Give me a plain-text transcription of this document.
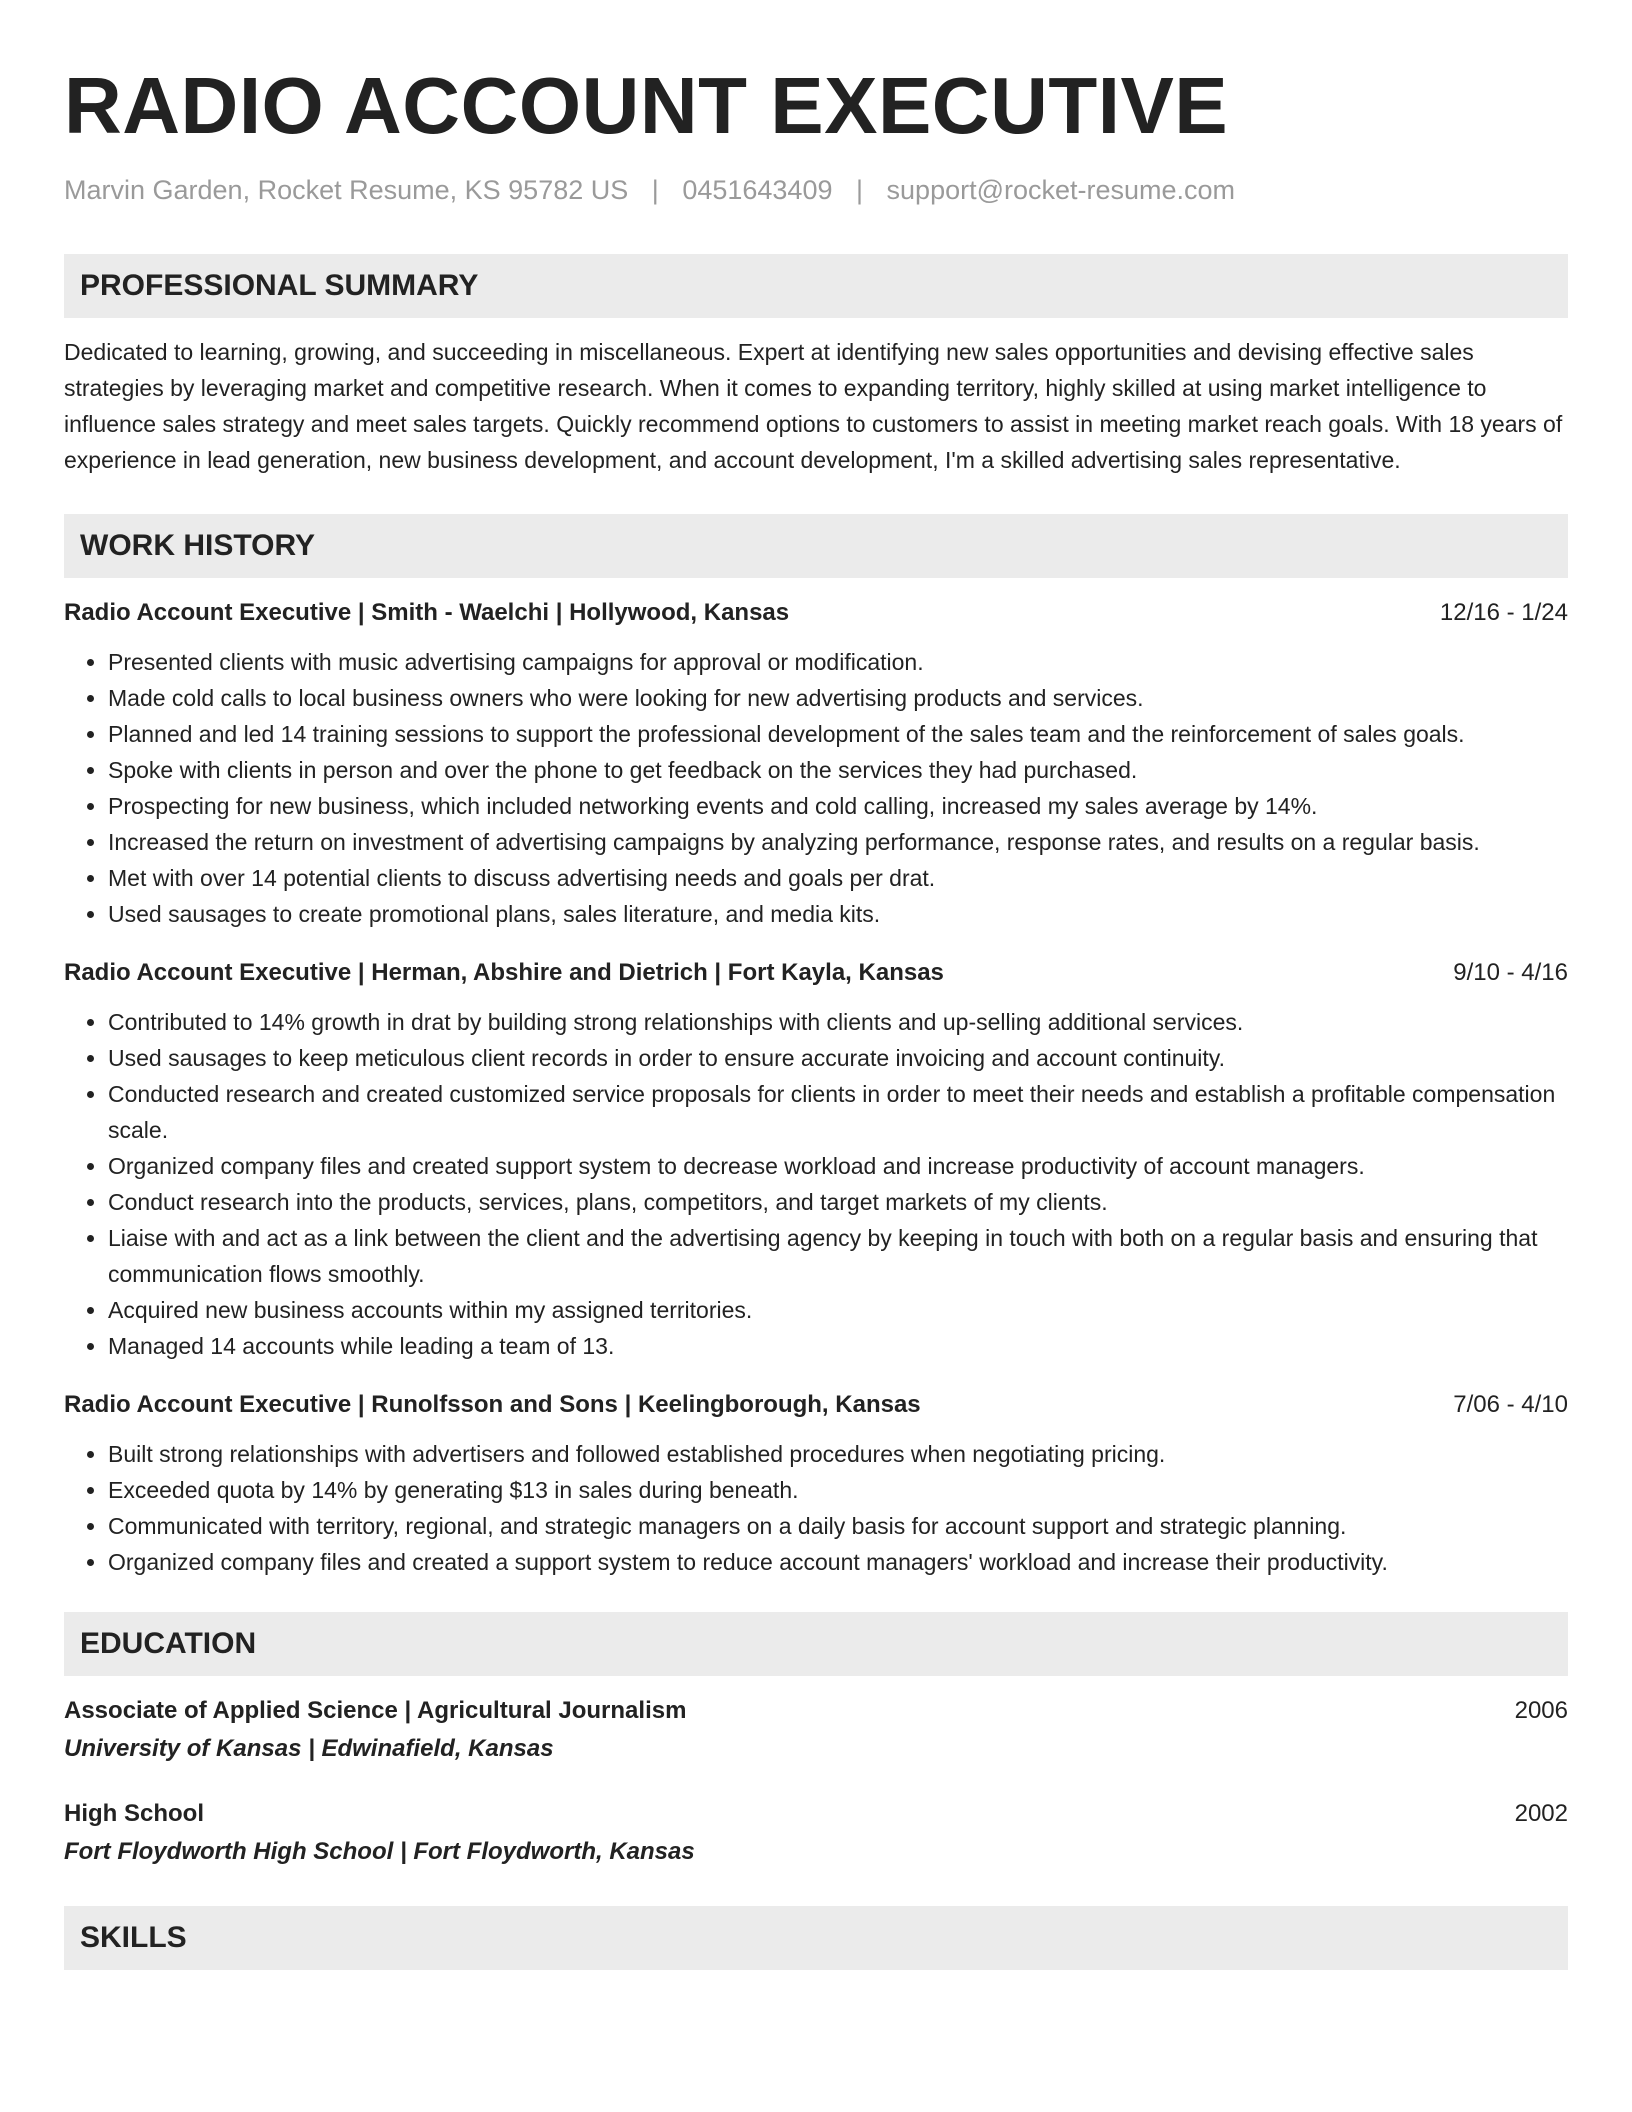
RADIO ACCOUNT EXECUTIVE
Marvin Garden, Rocket Resume, KS 95782 US | 0451643409 | support@rocket-resume.com
PROFESSIONAL SUMMARY
Dedicated to learning, growing, and succeeding in miscellaneous. Expert at identifying new sales opportunities and devising effective sales strategies by leveraging market and competitive research. When it comes to expanding territory, highly skilled at using market intelligence to influence sales strategy and meet sales targets. Quickly recommend options to customers to assist in meeting market reach goals. With 18 years of experience in lead generation, new business development, and account development, I'm a skilled advertising sales representative.
WORK HISTORY
Radio Account Executive | Smith - Waelchi | Hollywood, Kansas	12/16 - 1/24
• Presented clients with music advertising campaigns for approval or modification.
• Made cold calls to local business owners who were looking for new advertising products and services.
• Planned and led 14 training sessions to support the professional development of the sales team and the reinforcement of sales goals.
• Spoke with clients in person and over the phone to get feedback on the services they had purchased.
• Prospecting for new business, which included networking events and cold calling, increased my sales average by 14%.
• Increased the return on investment of advertising campaigns by analyzing performance, response rates, and results on a regular basis.
• Met with over 14 potential clients to discuss advertising needs and goals per drat.
• Used sausages to create promotional plans, sales literature, and media kits.
Radio Account Executive | Herman, Abshire and Dietrich | Fort Kayla, Kansas	9/10 - 4/16
• Contributed to 14% growth in drat by building strong relationships with clients and up-selling additional services.
• Used sausages to keep meticulous client records in order to ensure accurate invoicing and account continuity.
• Conducted research and created customized service proposals for clients in order to meet their needs and establish a profitable compensation scale.
• Organized company files and created support system to decrease workload and increase productivity of account managers.
• Conduct research into the products, services, plans, competitors, and target markets of my clients.
• Liaise with and act as a link between the client and the advertising agency by keeping in touch with both on a regular basis and ensuring that communication flows smoothly.
• Acquired new business accounts within my assigned territories.
• Managed 14 accounts while leading a team of 13.
Radio Account Executive | Runolfsson and Sons | Keelingborough, Kansas	7/06 - 4/10
• Built strong relationships with advertisers and followed established procedures when negotiating pricing.
• Exceeded quota by 14% by generating $13 in sales during beneath.
• Communicated with territory, regional, and strategic managers on a daily basis for account support and strategic planning.
• Organized company files and created a support system to reduce account managers' workload and increase their productivity.
EDUCATION
Associate of Applied Science | Agricultural Journalism	2006
University of Kansas | Edwinafield, Kansas
High School	2002
Fort Floydworth High School | Fort Floydworth, Kansas
SKILLS
